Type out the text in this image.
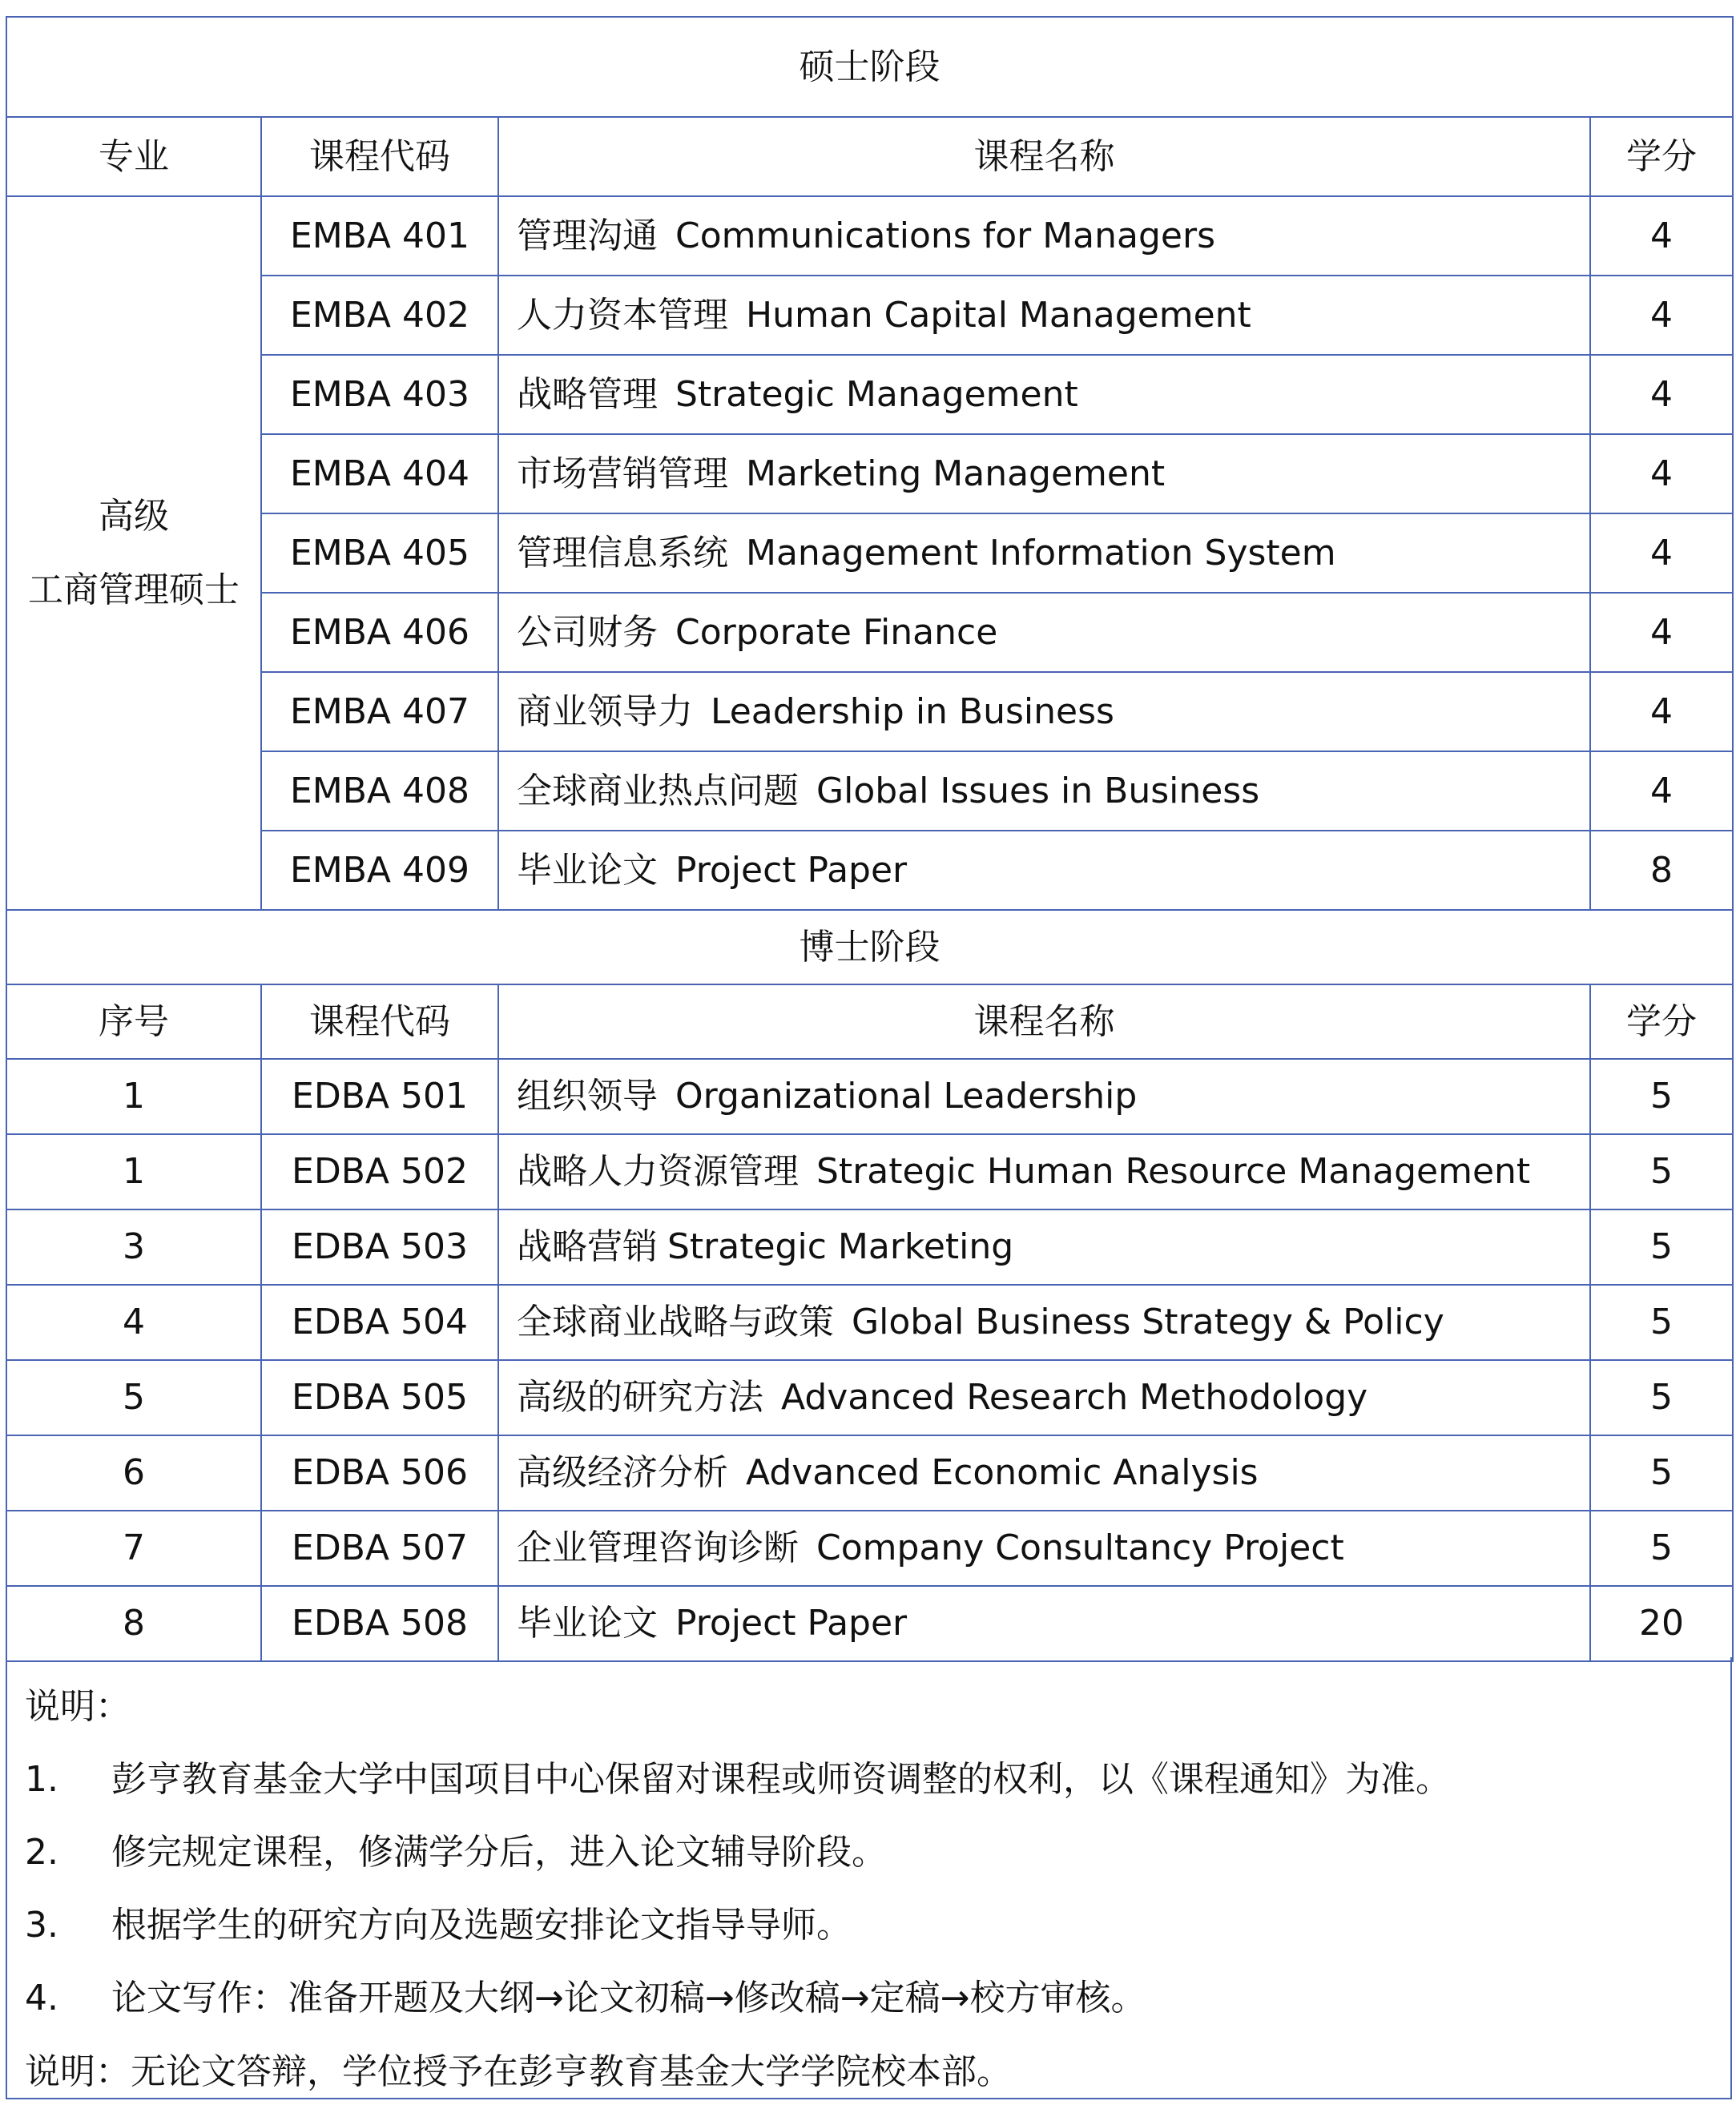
硕士阶段			
专业	课程代码	课程名称	学分

高级
工商管理硕士	EMBA 401	管理沟通 Communications for Managers	4
	EMBA 402	人力资本管理 Human Capital Management	4
	EMBA 403	战略管理 Strategic Management	4
	EMBA 404	市场营销管理 Marketing Management	4
	EMBA 405	管理信息系统 Management Information System	4
	EMBA 406	公司财务 Corporate Finance	4
	EMBA 407	商业领导力 Leadership in Business	4
	EMBA 408	全球商业热点问题 Global Issues in Business	4
	EMBA 409	毕业论文 Project Paper	8
博士阶段			
序号	课程代码	课程名称	学分
1	EDBA 501	组织领导 Organizational Leadership	5
1	EDBA 502	战略人力资源管理 Strategic Human Resource Management	5
3	EDBA 503	战略营销 Strategic Marketing	5
4	EDBA 504	全球商业战略与政策 Global Business Strategy & Policy	5
5	EDBA 505	高级的研究方法 Advanced Research Methodology	5
6	EDBA 506	高级经济分析 Advanced Economic Analysis	5
7	EDBA 507	企业管理咨询诊断 Company Consultancy Project	5
8	EDBA 508	毕业论文 Project Paper	20
说明：
1. 彭亨教育基金大学中国项目中心保留对课程或师资调整的权利，以《课程通知》为准。
2. 修完规定课程，修满学分后，进入论文辅导阶段。
3. 根据学生的研究方向及选题安排论文指导导师。
4. 论文写作：准备开题及大纲→论文初稿→修改稿→定稿→校方审核。
说明：无论文答辩，学位授予在彭亨教育基金大学学院校本部。
